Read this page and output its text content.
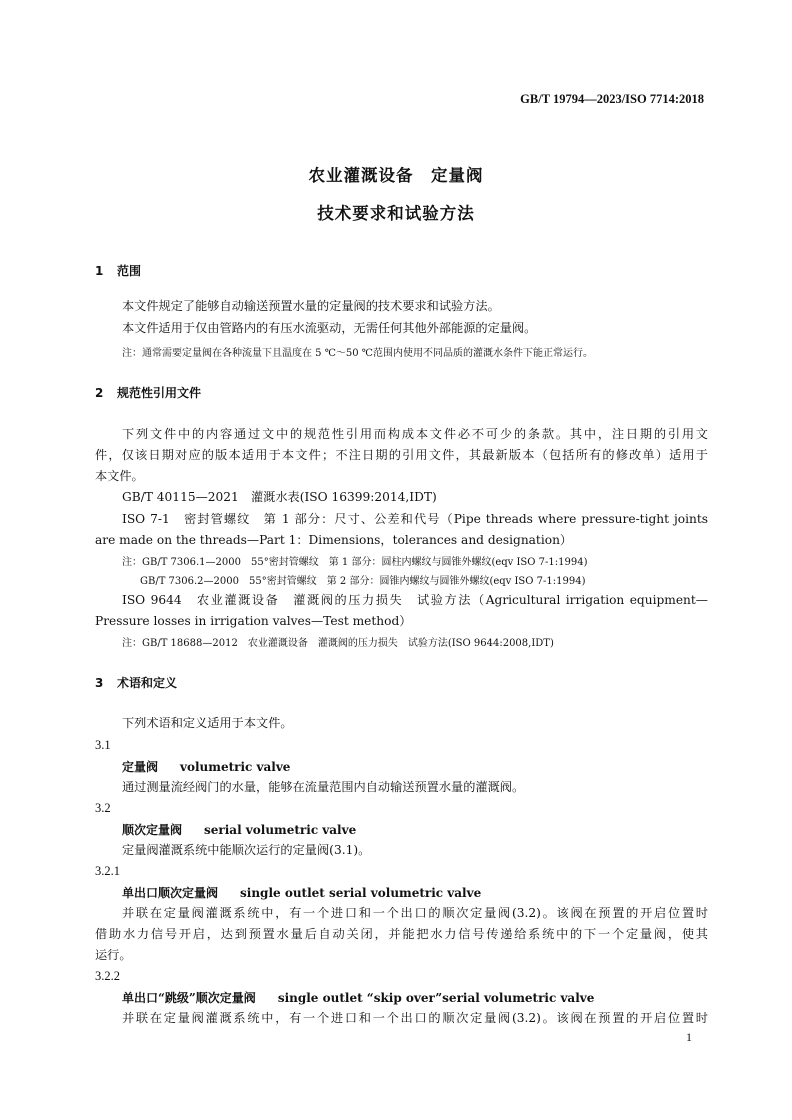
GB/T 19794—2023/ISO 7714:2018
农业灌溉设备　定量阀
技术要求和试验方法
1 范围
本文件规定了能够自动输送预置水量的定量阀的技术要求和试验方法。
本文件适用于仅由管路内的有压水流驱动，无需任何其他外部能源的定量阀。
注：通常需要定量阀在各种流量下且温度在 5 ℃～50 ℃范围内使用不同品质的灌溉水条件下能正常运行。
2 规范性引用文件
下列文件中的内容通过文中的规范性引用而构成本文件必不可少的条款。其中，注日期的引用文
件，仅该日期对应的版本适用于本文件；不注日期的引用文件，其最新版本（包括所有的修改单）适用于
本文件。
GB/T 40115—2021　灌溉水表(ISO 16399:2014,IDT)
ISO 7-1　密封管螺纹　第 1 部分：尺寸、公差和代号（Pipe threads where pressure-tight joints
are made on the threads—Part 1：Dimensions，tolerances and designation）
注：GB/T 7306.1—2000　55°密封管螺纹　第 1 部分：圆柱内螺纹与圆锥外螺纹(eqv ISO 7-1:1994)
GB/T 7306.2—2000　55°密封管螺纹　第 2 部分：圆锥内螺纹与圆锥外螺纹(eqv ISO 7-1:1994)
ISO 9644　农业灌溉设备　灌溉阀的压力损失　试验方法（Agricultural irrigation equipment—
Pressure losses in irrigation valves—Test method）
注：GB/T 18688—2012　农业灌溉设备　灌溉阀的压力损失　试验方法(ISO 9644:2008,IDT)
3 术语和定义
下列术语和定义适用于本文件。
3.1
定量阀 volumetric valve
通过测量流经阀门的水量，能够在流量范围内自动输送预置水量的灌溉阀。
3.2
顺次定量阀 serial volumetric valve
定量阀灌溉系统中能顺次运行的定量阀(3.1)。
3.2.1
单出口顺次定量阀 single outlet serial volumetric valve
并联在定量阀灌溉系统中，有一个进口和一个出口的顺次定量阀(3.2)。该阀在预置的开启位置时
借助水力信号开启，达到预置水量后自动关闭，并能把水力信号传递给系统中的下一个定量阀，使其
运行。
3.2.2
单出口“跳级”顺次定量阀 single outlet “skip over”serial volumetric valve
并联在定量阀灌溉系统中，有一个进口和一个出口的顺次定量阀(3.2)。该阀在预置的开启位置时
1
